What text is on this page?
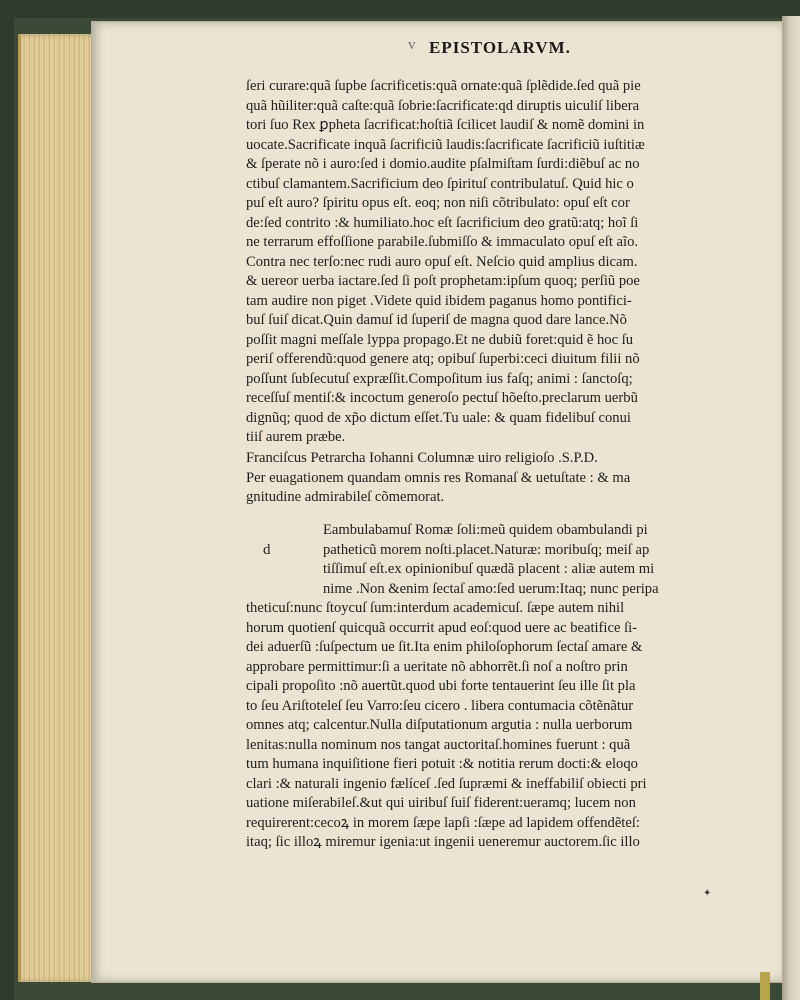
v EPISTOLARVM.
ſeri curare:quã ſupbe ſacrificetis:quã ornate:quã ſplẽdide.ſed quã pie
quã hũiliter:quã caſte:quã ſobrie:ſacrificate:qd diruptis uiculiſ libera
tori ſuo Rex ꝑpheta ſacrificat:hoſtiã ſcilicet laudiſ & nomẽ domini in
uocate.Sacrificate inquã ſacrificiũ laudis:ſacrificate ſacrificiũ iuſtitiæ
& ſperate nõ i auro:ſed i domio.audite pſalmiſtam ſurdi:diẽbuſ ac no
ctibuſ clamantem.Sacrificium deo ſpirituſ contribulatuſ. Quid hic o
puſ eſt auro? ſpiritu opus eſt. eoq; non niſi cõtribulato: opuſ eſt cor
de:ſed contrito :& humiliato.hoc eſt ſacrificium deo gratũ:atq; hoĩ ſi
ne terrarum effoſſione parabile.ſubmiſſo & immaculato opuſ eſt aĩo.
Contra nec terſo:nec rudi auro opuſ eſt. Neſcio quid amplius dicam.
& uereor uerba iactare.ſed ſi poſt prophetam:ipſum quoq; perſiũ poe
tam audire non piget .Videte quid ibidem paganus homo pontifici-
buſ ſuiſ dicat.Quin damuſ id ſuperiſ de magna quod dare lance.Nõ
poſſit magni meſſale lyppa propago.Et ne dubiũ foret:quid ẽ hoc ſu
periſ offerendũ:quod genere atq; opibuſ ſuperbi:ceci diuitum filii nõ
poſſunt ſubſecutuſ expræſſit.Compoſitum ius faſq; animi : ſanctoſq;
receſſuſ mentiſ:& incoctum generoſo pectuſ hõeſto.preclarum uerbũ
dignũq; quod de xp̃o dictum eſſet.Tu uale: & quam fidelibuſ conui
tiiſ aurem præbe.
Franciſcus Petrarcha Iohanni Columnæ uiro religioſo .S.P.D.
Per euagationem quandam omnis res Romanaſ & uetuſtate : & ma
gnitudine admirabileſ cõmemorat.
d
Eambulabamuſ Romæ ſoli:meũ quidem obambulandi pi
patheticũ morem noſti.placet.Naturæ: moribuſq; meiſ ap
tiſſimuſ eſt.ex opinionibuſ quædã placent : aliæ autem mi
nime .Non &enim ſectaſ amo:ſed uerum:Itaq; nunc peripa
theticuſ:nunc ſtoycuſ ſum:interdum academicuſ. ſæpe autem nihil
horum quotienſ quicquã occurrit apud eoſ:quod uere ac beatifice ſi-
dei aduerſũ :ſuſpectum ue ſit.Ita enim philoſophorum ſectaſ amare &
approbare permittimur:ſi a ueritate nõ abhorrẽt.ſi noſ a noſtro prin
cipali propoſito :nõ auertũt.quod ubi forte tentauerint ſeu ille ſit pla
to ſeu Ariſtoteleſ ſeu Varro:ſeu cicero . libera contumacia cõtẽnãtur
omnes atq; calcentur.Nulla diſputationum argutia : nulla uerborum
lenitas:nulla nominum nos tangat auctoritaſ.homines fuerunt : quã
tum humana inquiſitione fieri potuit :& notitia rerum docti:& eloqo
clari :& naturali ingenio fælíceſ .ſed ſupræmi & ineffabiliſ obiecti pri
uatione miſerabileſ.&ut qui uiribuſ ſuiſ fiderent:ueramq; lucem non
requirerent:cecoꝝ in morem ſæpe lapſi :ſæpe ad lapidem offendẽteſ:
itaq; ſic illoꝝ miremur igenia:ut ingenii ueneremur auctorem.ſic illo
✦
